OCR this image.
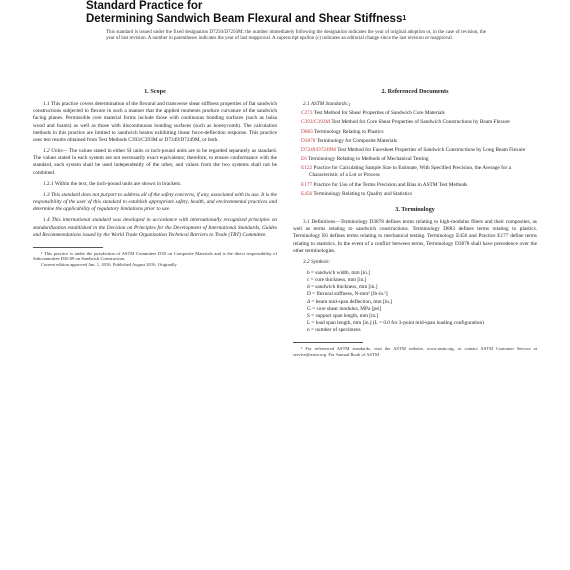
Standard Practice for
Determining Sandwich Beam Flexural and Shear Stiffness$^1$
This standard is issued under the fixed designation D7250/D7250M; the number immediately following the designation indicates the year of original adoption or, in the case of revision, the year of last revision. A number in parentheses indicates the year of last reapproval. A superscript epsilon (ε) indicates an editorial change since the last revision or reapproval.
1. Scope

1.1 This practice covers determination of the flexural and transverse shear stiffness properties of flat sandwich constructions subjected to flexure in such a manner that the applied moments produce curvature of the sandwich facing planes. Permissible core material forms include those with continuous bonding surfaces (such as balsa wood and foams) as well as those with discontinuous bonding surfaces (such as honeycomb). The calculation methods in this practice are limited to sandwich beams exhibiting linear force-deflection response. This practice uses test results obtained from Test Methods C393/C393M or D7249/D7249M, or both.

1.2 Units— The values stated in either SI units or inch-pound units are to be regarded separately as standard. The values stated in each system are not necessarily exact equivalents; therefore, to ensure conformance with the standard, each system shall be used independently of the other, and values from the two systems shall not be combined.

1.2.1 Within the text, the inch-pound units are shown in brackets.

1.3 This standard does not purport to address all of the safety concerns, if any, associated with its use. It is the responsibility of the user of this standard to establish appropriate safety, health, and environmental practices and determine the applicability of regulatory limitations prior to use.

1.4 This international standard was developed in accordance with internationally recognized principles on standardization established in the Decision on Principles for the Development of International Standards, Guides and Recommendations issued by the World Trade Organization Technical Barriers to Trade (TBT) Committee.

¹ This practice is under the jurisdiction of ASTM Committee D30 on Composite Materials and is the direct responsibility of Subcommittee D30.09 on Sandwich Construction.

Current edition approved Jan. 1, 2016. Published August 2016. Originally

2. Referenced Documents
2.1 ASTM Standards:$^2$
C273 Test Method for Shear Properties of Sandwich Core Materials
C393/C393M Test Method for Core Shear Properties of Sandwich Constructions by Beam Flexure
D883 Terminology Relating to Plastics
D3878 Terminology for Composite Materials
D7249/D7249M Test Method for Facesheet Properties of Sandwich Constructions by Long Beam Flexure
E6 Terminology Relating to Methods of Mechanical Testing
E122 Practice for Calculating Sample Size to Estimate, With Specified Precision, the Average for a Characteristic of a Lot or Process
E177 Practice for Use of the Terms Precision and Bias in ASTM Test Methods
E456 Terminology Relating to Quality and Statistics
3. Terminology

3.1 Definitions—Terminology D3878 defines terms relating to high-modulus fibers and their composites, as well as terms relating to sandwich constructions. Terminology D883 defines terms relating to plastics. Terminology E6 defines terms relating to mechanical testing. Terminology E456 and Practice E177 define terms relating to statistics. In the event of a conflict between terms, Terminology D3878 shall have precedence over the other terminologies.

3.2 Symbols:

b = sandwich width, mm [in.]
c = core thickness, mm [in.]
d = sandwich thickness, mm [in.]
D = flexural stiffness, N-mm² [lb-in.²]
Δ = beam mid-span deflection, mm [in.]
G = core shear modulus, MPa [psi]
S = support span length, mm [in.]
L = load span length, mm [in.] (L = 0.0 for 3-point mid-span loading configuration)
n = number of specimens

² For referenced ASTM standards, visit the ASTM website, www.astm.org, or contact ASTM Customer Service at service@astm.org. For Annual Book of ASTM
